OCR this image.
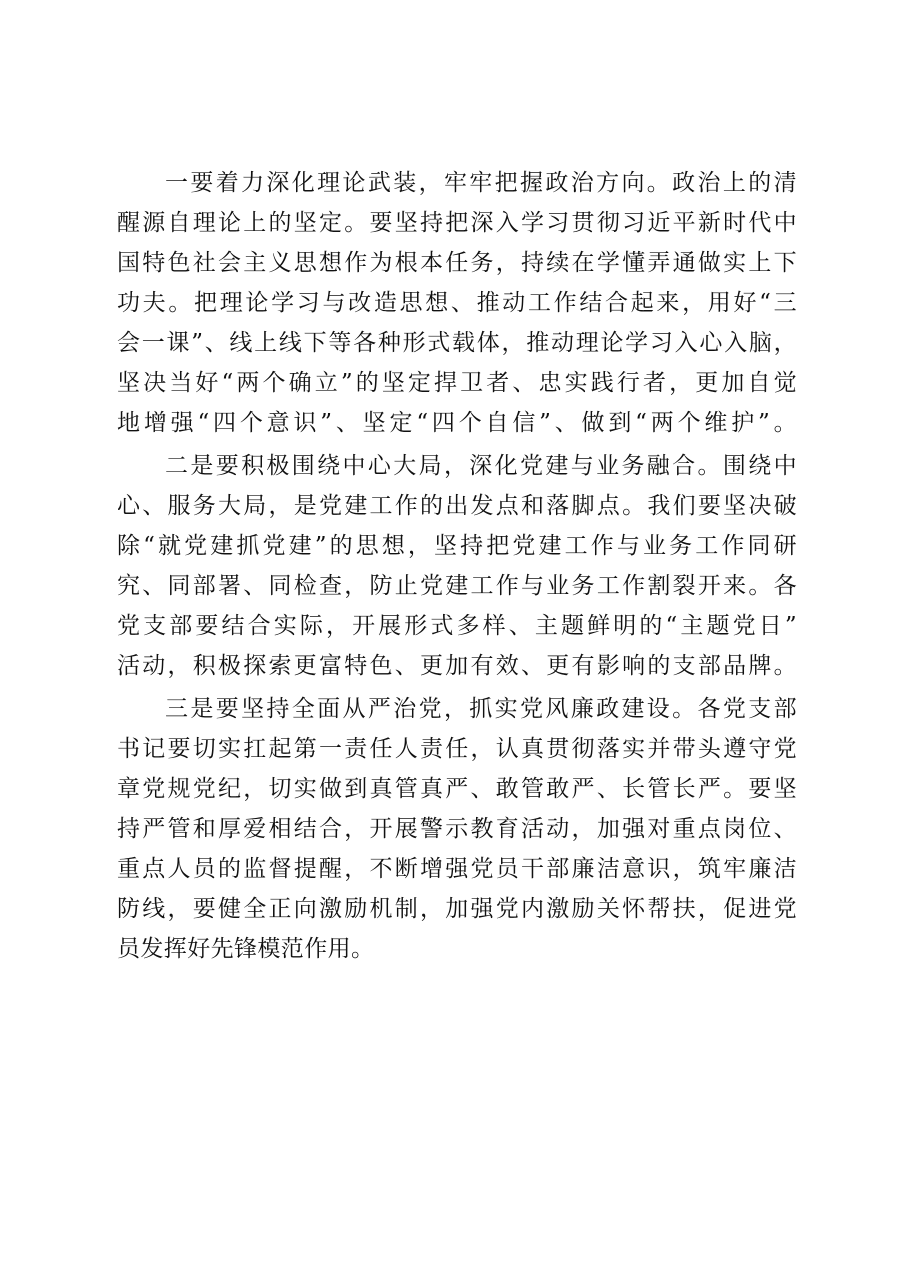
一要着力深化理论武装，牢牢把握政治方向。政治上的清
醒源自理论上的坚定。要坚持把深入学习贯彻习近平新时代中
国特色社会主义思想作为根本任务，持续在学懂弄通做实上下
功夫。把理论学习与改造思想、推动工作结合起来，用好“三
会一课”、线上线下等各种形式载体，推动理论学习入心入脑，
坚决当好“两个确立”的坚定捍卫者、忠实践行者，更加自觉
地增强“四个意识”、坚定“四个自信”、做到“两个维护”。
二是要积极围绕中心大局，深化党建与业务融合。围绕中
心、服务大局，是党建工作的出发点和落脚点。我们要坚决破
除“就党建抓党建”的思想，坚持把党建工作与业务工作同研
究、同部署、同检查，防止党建工作与业务工作割裂开来。各
党支部要结合实际，开展形式多样、主题鲜明的“主题党日”
活动，积极探索更富特色、更加有效、更有影响的支部品牌。
三是要坚持全面从严治党，抓实党风廉政建设。各党支部
书记要切实扛起第一责任人责任，认真贯彻落实并带头遵守党
章党规党纪，切实做到真管真严、敢管敢严、长管长严。要坚
持严管和厚爱相结合，开展警示教育活动，加强对重点岗位、
重点人员的监督提醒，不断增强党员干部廉洁意识，筑牢廉洁
防线，要健全正向激励机制，加强党内激励关怀帮扶，促进党
员发挥好先锋模范作用。
